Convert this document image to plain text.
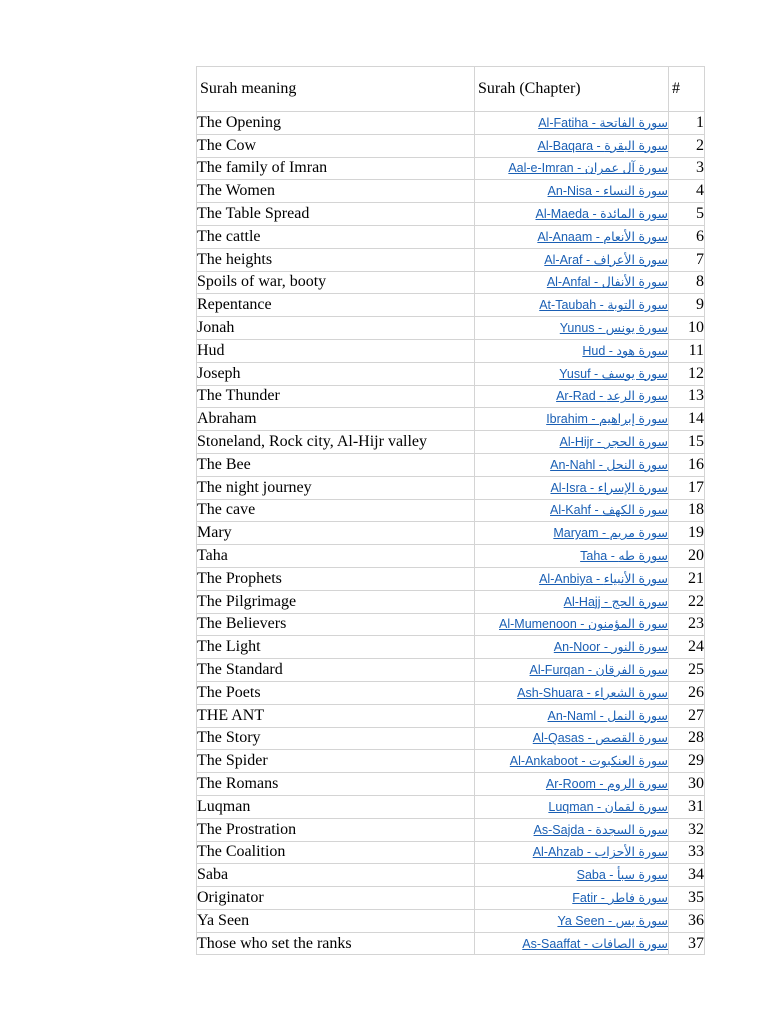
Surah meaning	Surah (Chapter)	#
The Opening	Al-Fatiha - سورة الفاتحة	1
The Cow	Al-Baqara - سورة البقرة	2
The family of Imran	Aal-e-Imran - سورة آل عمران	3
The Women	An-Nisa - سورة النساء	4
The Table Spread	Al-Maeda - سورة المائدة	5
The cattle	Al-Anaam - سورة الأنعام	6
The heights	Al-Araf - سورة الأعراف	7
Spoils of war, booty	Al-Anfal - سورة الأنفال	8
Repentance	At-Taubah - سورة التوبة	9
Jonah	Yunus - سورة يونس	10
Hud	Hud - سورة هود	11
Joseph	Yusuf - سورة يوسف	12
The Thunder	Ar-Rad - سورة الرعد	13
Abraham	Ibrahim - سورة إبراهيم	14
Stoneland, Rock city, Al-Hijr valley	Al-Hijr - سورة الحجر	15
The Bee	An-Nahl - سورة النحل	16
The night journey	Al-Isra - سورة الإسراء	17
The cave	Al-Kahf - سورة الكهف	18
Mary	Maryam - سورة مريم	19
Taha	Taha - سورة طه	20
The Prophets	Al-Anbiya - سورة الأنبياء	21
The Pilgrimage	Al-Hajj - سورة الحج	22
The Believers	Al-Mumenoon - سورة المؤمنون	23
The Light	An-Noor - سورة النور	24
The Standard	Al-Furqan - سورة الفرقان	25
The Poets	Ash-Shuara - سورة الشعراء	26
THE ANT	An-Naml - سورة النمل	27
The Story	Al-Qasas - سورة القصص	28
The Spider	Al-Ankaboot - سورة العنكبوت	29
The Romans	Ar-Room - سورة الروم	30
Luqman	Luqman - سورة لقمان	31
The Prostration	As-Sajda - سورة السجدة	32
The Coalition	Al-Ahzab - سورة الأحزاب	33
Saba	Saba - سورة سبأ	34
Originator	Fatir - سورة فاطر	35
Ya Seen	Ya Seen - سورة يس	36
Those who set the ranks	As-Saaffat - سورة الصافات	37
